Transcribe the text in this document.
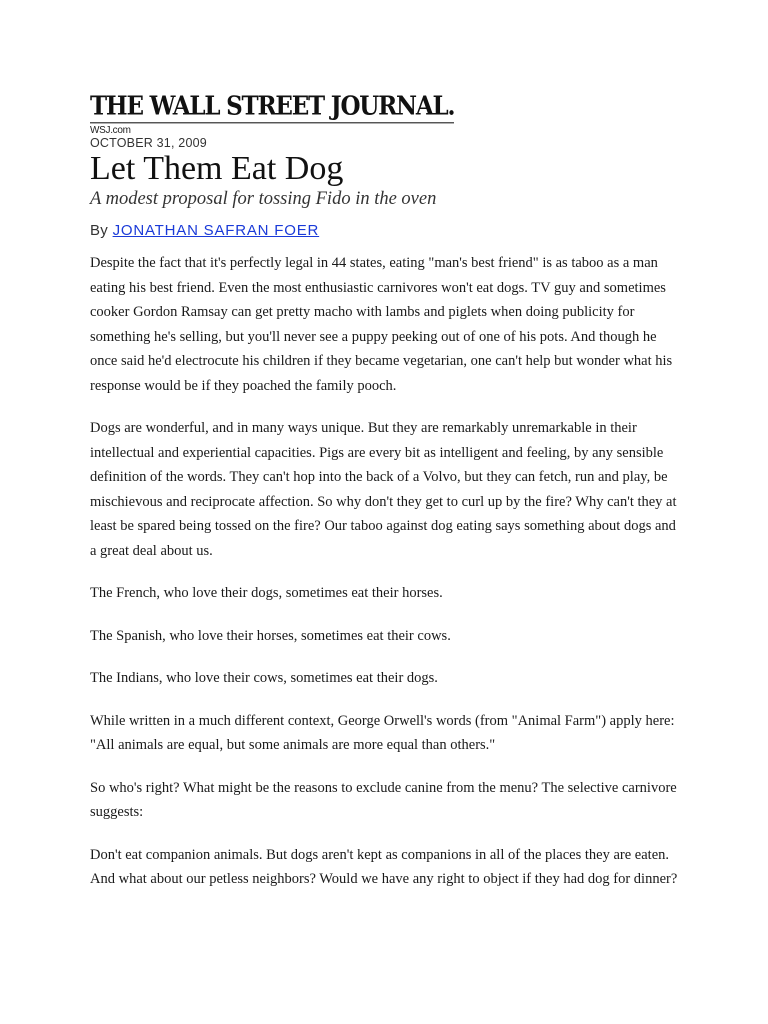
THE WALL STREET JOURNAL.
WSJ.com
OCTOBER 31, 2009
Let Them Eat Dog
A modest proposal for tossing Fido in the oven
By JONATHAN SAFRAN FOER

Despite the fact that it's perfectly legal in 44 states, eating "man's best friend" is as taboo as a man eating his best friend. Even the most enthusiastic carnivores won't eat dogs. TV guy and sometimes cooker Gordon Ramsay can get pretty macho with lambs and piglets when doing publicity for something he's selling, but you'll never see a puppy peeking out of one of his pots. And though he once said he'd electrocute his children if they became vegetarian, one can't help but wonder what his response would be if they poached the family pooch.

Dogs are wonderful, and in many ways unique. But they are remarkably unremarkable in their intellectual and experiential capacities. Pigs are every bit as intelligent and feeling, by any sensible definition of the words. They can't hop into the back of a Volvo, but they can fetch, run and play, be mischievous and reciprocate affection. So why don't they get to curl up by the fire? Why can't they at least be spared being tossed on the fire? Our taboo against dog eating says something about dogs and a great deal about us.

The French, who love their dogs, sometimes eat their horses.

The Spanish, who love their horses, sometimes eat their cows.

The Indians, who love their cows, sometimes eat their dogs.

While written in a much different context, George Orwell's words (from "Animal Farm") apply here: "All animals are equal, but some animals are more equal than others."

So who's right? What might be the reasons to exclude canine from the menu? The selective carnivore suggests:

Don't eat companion animals. But dogs aren't kept as companions in all of the places they are eaten. And what about our petless neighbors? Would we have any right to object if they had dog for dinner?
